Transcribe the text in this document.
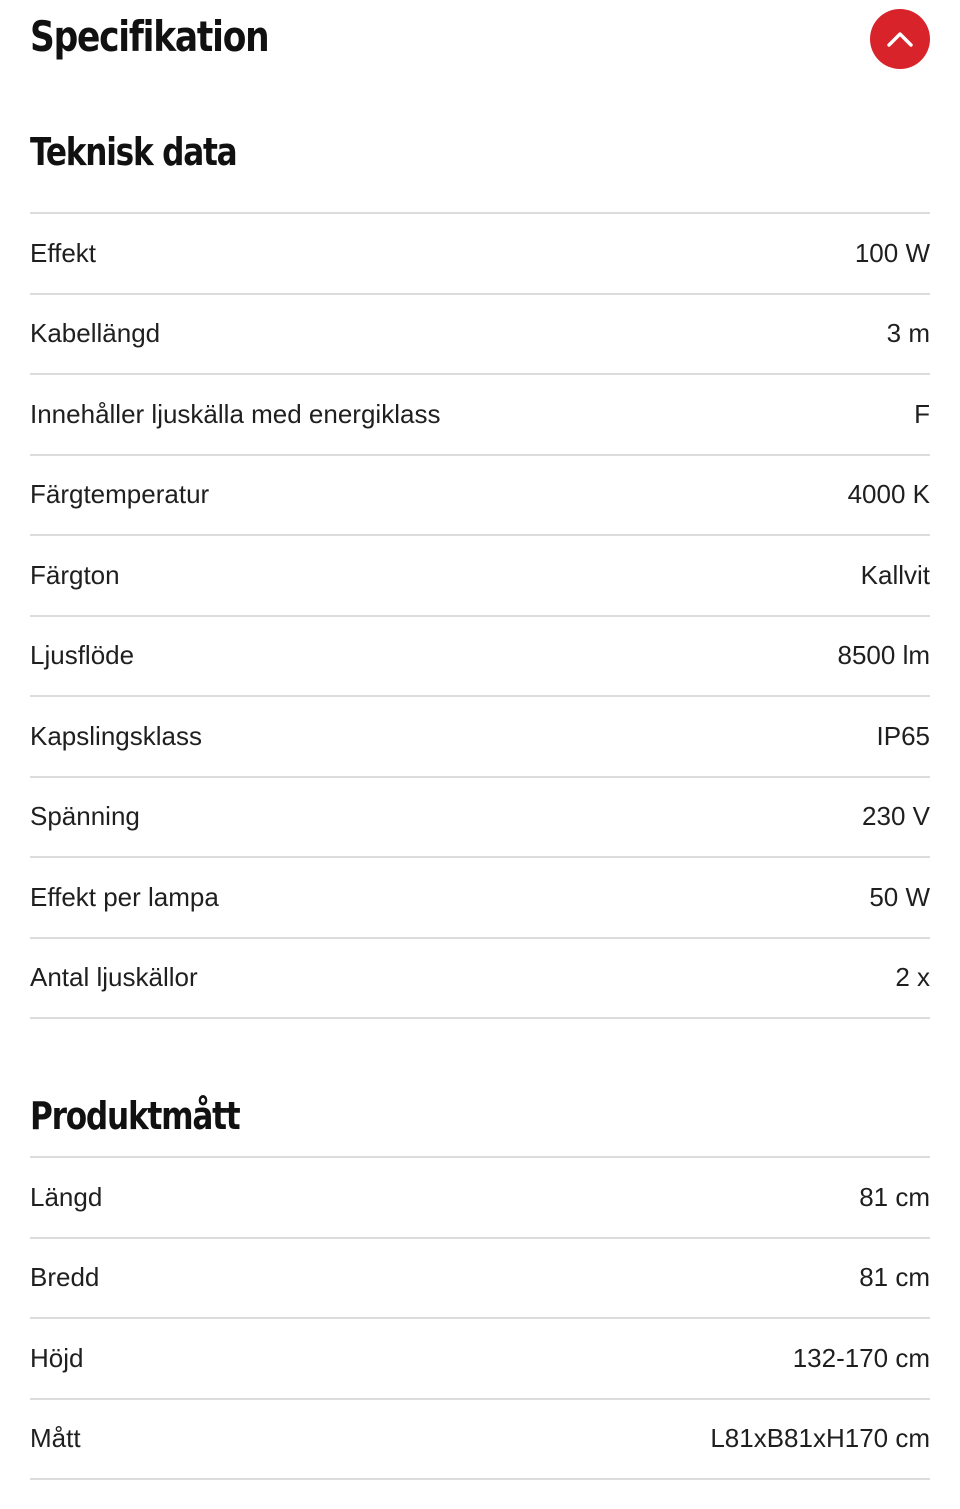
Specifikation
Teknisk data
Effekt	100 W
Kabellängd	3 m
Innehåller ljuskälla med energiklass	F
Färgtemperatur	4000 K
Färgton	Kallvit
Ljusflöde	8500 lm
Kapslingsklass	IP65
Spänning	230 V
Effekt per lampa	50 W
Antal ljuskällor	2 x
Produktmått
Längd	81 cm
Bredd	81 cm
Höjd	132-170 cm
Mått	L81xB81xH170 cm
